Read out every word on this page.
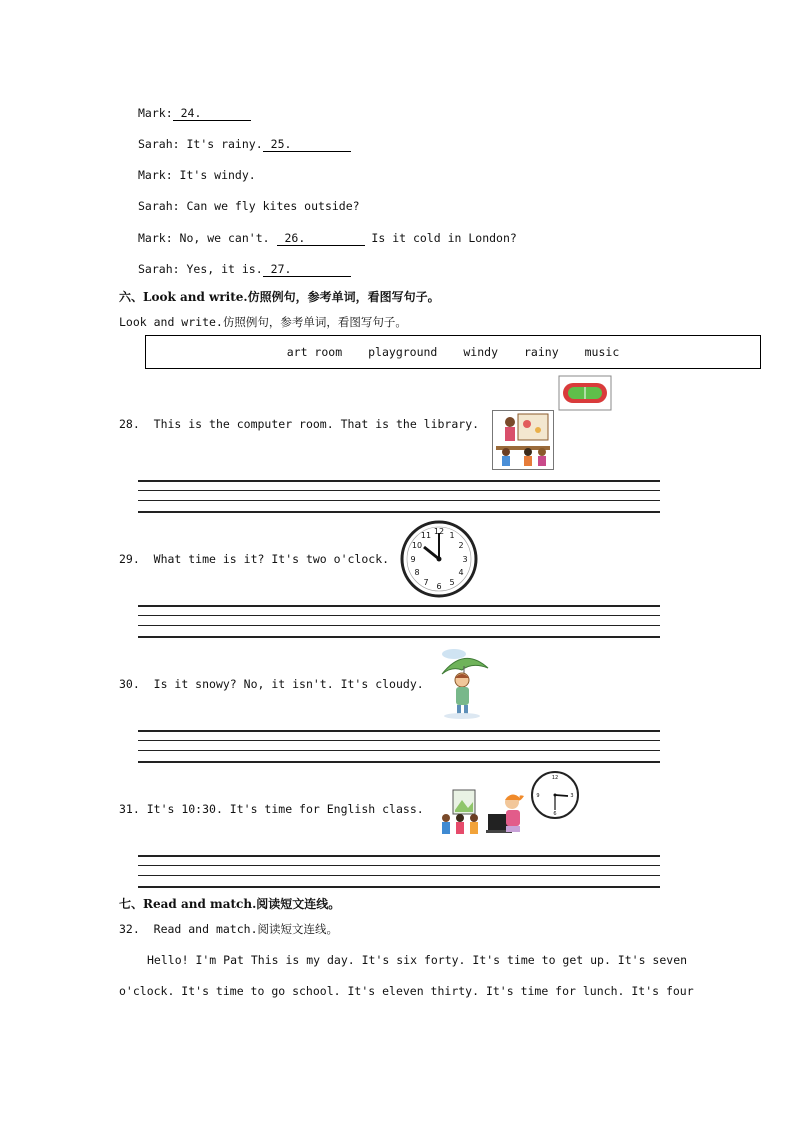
Mark: 24.
Sarah: It's rainy. 25.
Mark: It's windy.
Sarah: Can we fly kites outside?
Mark: No, we can't. 26.	Is it cold in London?
Sarah: Yes, it is. 27.
六、Look and write.仿照例句，参考单词，看图写句子。
Look and write.仿照例句，参考单词，看图写句子。
art room playground windy rainy music
28. This is the computer room. That is the library.
29. What time is it? It's two o'clock.
12 1
2
3
4
5
6
7
8
9
10
11
30. Is it snowy? No, it isn't. It's cloudy.
31. It's 10:30. It's time for English class.
12
3
6
9
七、Read and match.阅读短文连线。
32. Read and match.阅读短文连线。
Hello! I'm Pat This is my day. It's six forty. It's time to get up. It's seven
o'clock. It's time to go school. It's eleven thirty. It's time for lunch. It's four
